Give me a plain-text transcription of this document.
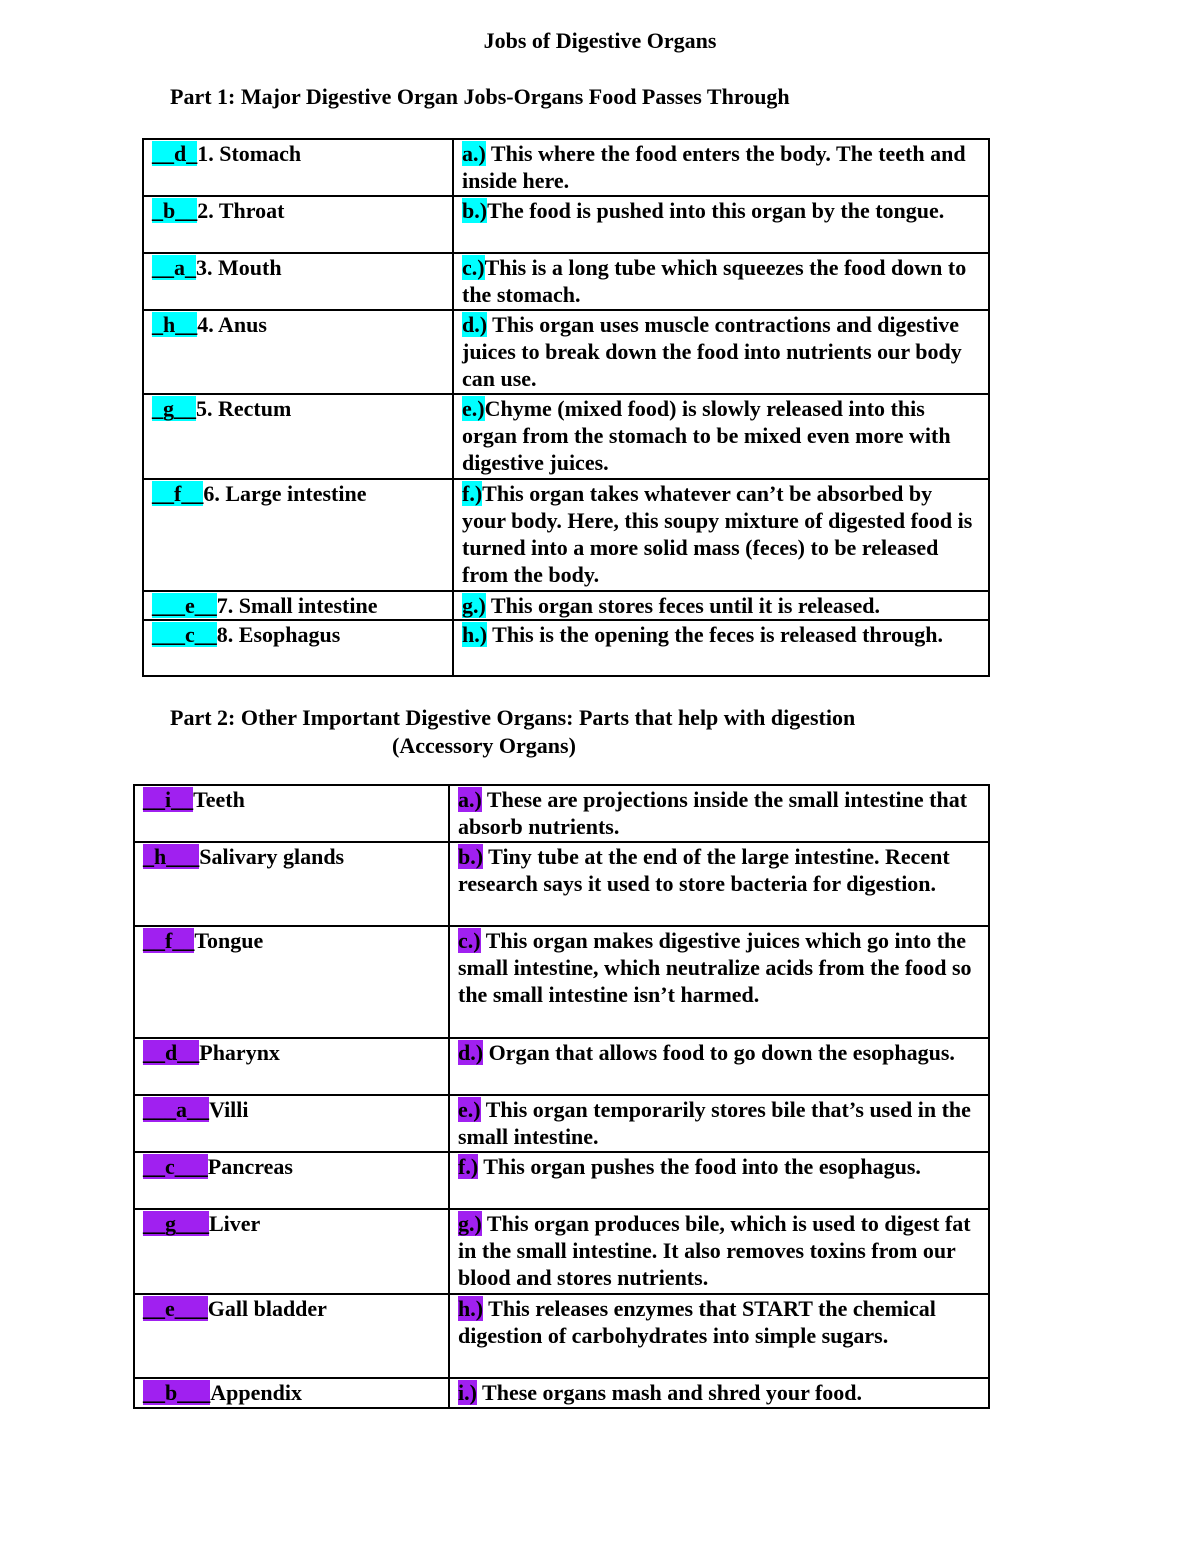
Jobs of Digestive Organs
Part 1: Major Digestive Organ Jobs-Organs Food Passes Through
__d_1. Stomach	a.) This where the food enters the body. The teeth and inside here.
_b__2. Throat	b.)The food is pushed into this organ by the tongue.
__a_3. Mouth	c.)This is a long tube which squeezes the food down to the stomach.
_h__4. Anus	d.) This organ uses muscle contractions and digestive juices to break down the food into nutrients our body can use.
_g__5. Rectum	e.)Chyme (mixed food) is slowly released into this organ from the stomach to be mixed even more with digestive juices.
__f__6. Large intestine	f.)This organ takes whatever can’t be absorbed by your body. Here, this soupy mixture of digested food is turned into a more solid mass (feces) to be released from the body.
___e__7. Small intestine	g.) This organ stores feces until it is released.
___c__8. Esophagus	h.) This is the opening the feces is released through.
Part 2: Other Important Digestive Organs: Parts that help with digestion
(Accessory Organs)
__i__Teeth	a.) These are projections inside the small intestine that absorb nutrients.
_h___Salivary glands	b.) Tiny tube at the end of the large intestine. Recent research says it used to store bacteria for digestion.
__f__Tongue	c.) This organ makes digestive juices which go into the small intestine, which neutralize acids from the food so the small intestine isn’t harmed.
__d__Pharynx	d.) Organ that allows food to go down the esophagus.
___a__Villi	e.) This organ temporarily stores bile that’s used in the small intestine.
__c___Pancreas	f.) This organ pushes the food into the esophagus.
__g___Liver	g.) This organ produces bile, which is used to digest fat in the small intestine. It also removes toxins from our blood and stores nutrients.
__e___Gall bladder	h.) This releases enzymes that START the chemical digestion of carbohydrates into simple sugars.
__b___Appendix	i.) These organs mash and shred your food.
